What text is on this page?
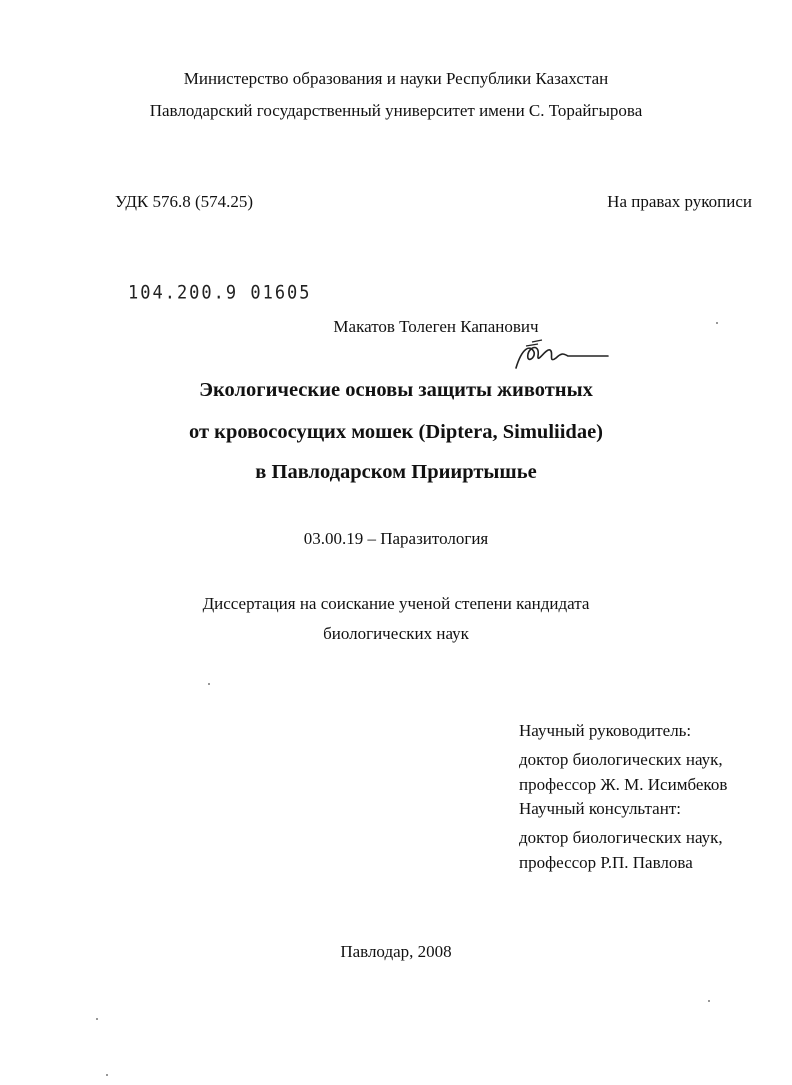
Министерство образования и науки Республики Казахстан
Павлодарский государственный университет имени С. Торайгырова
УДК 576.8 (574.25)	На правах рукописи
104.200.9 01605
Макатов Толеген Капанович
Экологические основы защиты животных
от кровососущих мошек (Diptera, Simuliidae)
в Павлодарском Прииртышье
03.00.19 – Паразитология
Диссертация на соискание ученой степени кандидата
биологических наук
Научный руководитель:
доктор биологических наук,
профессор Ж. М. Исимбеков
Научный консультант:
доктор биологических наук,
профессор Р.П. Павлова
Павлодар, 2008
